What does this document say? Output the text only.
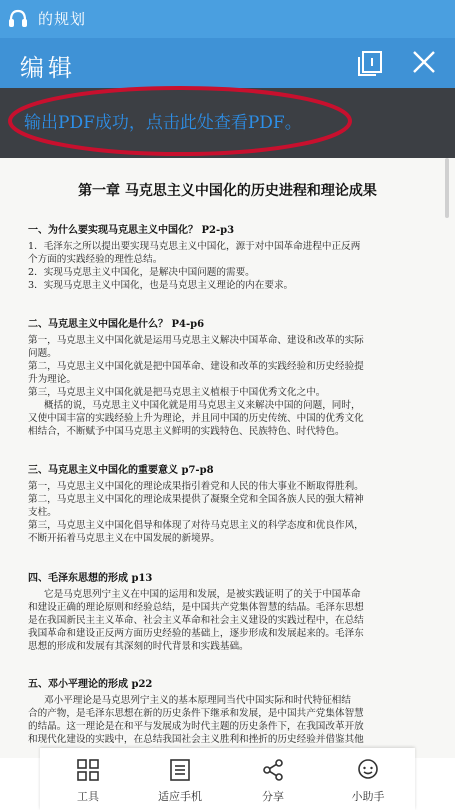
的规划
编辑
输出PDF成功，点击此处查看PDF。
第一章 马克思主义中国化的历史进程和理论成果
一、为什么要实现马克思主义中国化？ P2-p3
1．毛泽东之所以提出要实现马克思主义中国化，源于对中国革命进程中正反两
个方面的实践经验的理性总结。
2．实现马克思主义中国化，是解决中国问题的需要。
3．实现马克思主义中国化，也是马克思主义理论的内在要求。
二、马克思主义中国化是什么？ P4-p6
第一，马克思主义中国化就是运用马克思主义解决中国革命、建设和改革的实际
问题。
第二，马克思主义中国化就是把中国革命、建设和改革的实践经验和历史经验提
升为理论。
第三，马克思主义中国化就是把马克思主义植根于中国优秀文化之中。
概括的说，马克思主义中国化就是用马克思主义来解决中国的问题，同时，
又使中国丰富的实践经验上升为理论，并且同中国的历史传统、中国的优秀文化
相结合，不断赋予中国马克思主义鲜明的实践特色、民族特色、时代特色。
三、马克思主义中国化的重要意义 p7-p8
第一，马克思主义中国化的理论成果指引着党和人民的伟大事业不断取得胜利。
第二，马克思主义中国化的理论成果提供了凝聚全党和全国各族人民的强大精神
支柱。
第三，马克思主义中国化倡导和体现了对待马克思主义的科学态度和优良作风，
不断开拓着马克思主义在中国发展的新境界。
四、毛泽东思想的形成 p13
它是马克思列宁主义在中国的运用和发展，是被实践证明了的关于中国革命
和建设正确的理论原则和经验总结，是中国共产党集体智慧的结晶。毛泽东思想
是在我国新民主主义革命、社会主义革命和社会主义建设的实践过程中，在总结
我国革命和建设正反两方面历史经验的基础上，逐步形成和发展起来的。毛泽东
思想的形成和发展有其深刻的时代背景和实践基础。
五、邓小平理论的形成 p22
邓小平理论是马克思列宁主义的基本原理同当代中国实际和时代特征相结
合的产物，是毛泽东思想在新的历史条件下继承和发展，是中国共产党集体智慧
的结晶。这一理论是在和平与发展成为时代主题的历史条件下，在我国改革开放
和现代化建设的实践中，在总结我国社会主义胜利和挫折的历史经验并借鉴其他
工具	适应手机	分享	小助手
